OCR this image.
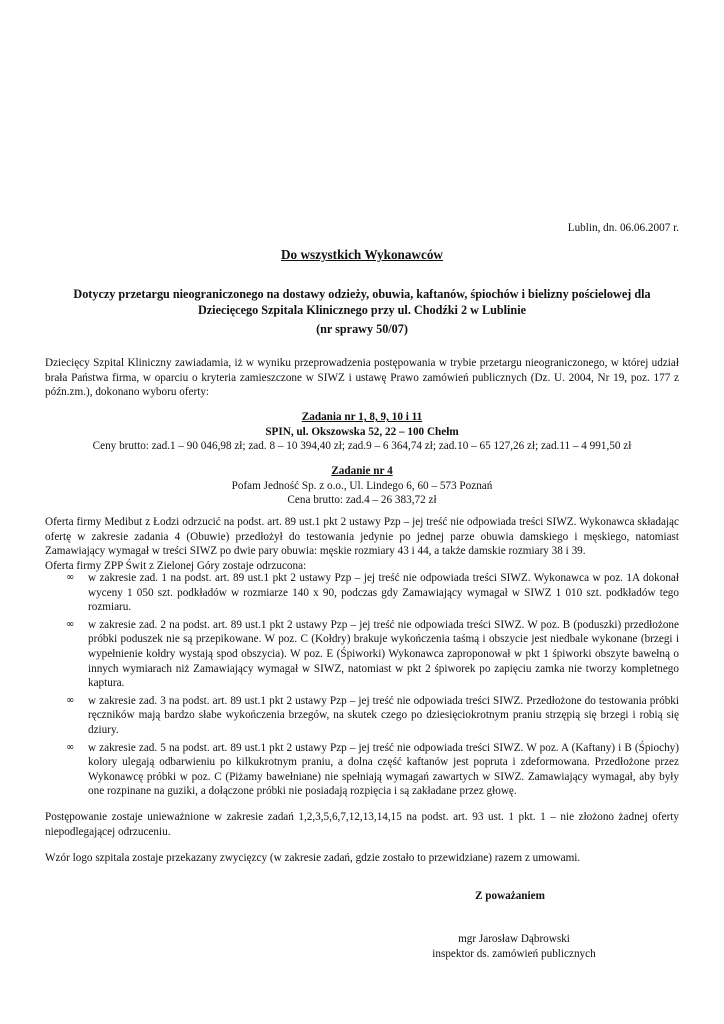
Lublin, dn. 06.06.2007 r.
Do wszystkich Wykonawców
Dotyczy przetargu nieograniczonego na dostawy odzieży, obuwia, kaftanów, śpiochów i bielizny pościelowej dla Dziecięcego Szpitala Klinicznego przy ul. Chodźki 2 w Lublinie
(nr sprawy 50/07)

Dziecięcy Szpital Kliniczny zawiadamia, iż w wyniku przeprowadzenia postępowania w trybie przetargu nieograniczonego, w której udział brała Państwa firma, w oparciu o kryteria zamieszczone w SIWZ i ustawę Prawo zamówień publicznych (Dz. U. 2004, Nr 19, poz. 177 z późn.zm.), dokonano wyboru oferty:

Zadania nr 1, 8, 9, 10 i 11
SPIN, ul. Okszowska 52, 22 – 100 Chełm
Ceny brutto: zad.1 – 90 046,98 zł; zad. 8 – 10 394,40 zł; zad.9 – 6 364,74 zł; zad.10 – 65 127,26 zł; zad.11 – 4 991,50 zł
Zadanie nr 4
Pofam Jedność Sp. z o.o., Ul. Lindego 6, 60 – 573 Poznań
Cena brutto: zad.4 – 26 383,72 zł

Oferta firmy Medibut z Łodzi odrzucić na podst. art. 89 ust.1 pkt 2 ustawy Pzp – jej treść nie odpowiada treści SIWZ. Wykonawca składając ofertę w zakresie zadania 4 (Obuwie) przedłożył do testowania jedynie po jednej parze obuwia damskiego i męskiego, natomiast Zamawiający wymagał w treści SIWZ po dwie pary obuwia: męskie rozmiary 43 i 44, a także damskie rozmiary 38 i 39.

Oferta firmy ZPP Świt z Zielonej Góry zostaje odrzucona:

∞ w zakresie zad. 1 na podst. art. 89 ust.1 pkt 2 ustawy Pzp – jej treść nie odpowiada treści SIWZ. Wykonawca w poz. 1A dokonał wyceny 1 050 szt. podkładów w rozmiarze 140 x 90, podczas gdy Zamawiający wymagał w SIWZ 1 010 szt. podkładów tego rozmiaru.
∞ w zakresie zad. 2 na podst. art. 89 ust.1 pkt 2 ustawy Pzp – jej treść nie odpowiada treści SIWZ. W poz. B (poduszki) przedłożone próbki poduszek nie są przepikowane. W poz. C (Kołdry) brakuje wykończenia taśmą i obszycie jest niedbale wykonane (brzegi i wypełnienie kołdry wystają spod obszycia). W poz. E (Śpiworki) Wykonawca zaproponował w pkt 1 śpiworki obszyte bawełną o innych wymiarach niż Zamawiający wymagał w SIWZ, natomiast w pkt 2 śpiworek po zapięciu zamka nie tworzy kompletnego kaptura.
∞ w zakresie zad. 3 na podst. art. 89 ust.1 pkt 2 ustawy Pzp – jej treść nie odpowiada treści SIWZ. Przedłożone do testowania próbki ręczników mają bardzo słabe wykończenia brzegów, na skutek czego po dziesięciokrotnym praniu strzępią się brzegi i robią się dziury.
∞ w zakresie zad. 5 na podst. art. 89 ust.1 pkt 2 ustawy Pzp – jej treść nie odpowiada treści SIWZ. W poz. A (Kaftany) i B (Śpiochy) kolory ulegają odbarwieniu po kilkukrotnym praniu, a dolna część kaftanów jest popruta i zdeformowana. Przedłożone przez Wykonawcę próbki w poz. C (Piżamy bawełniane) nie spełniają wymagań zawartych w SIWZ. Zamawiający wymagał, aby były one rozpinane na guziki, a dołączone próbki nie posiadają rozpięcia i są zakładane przez głowę.

Postępowanie zostaje unieważnione w zakresie zadań 1,2,3,5,6,7,12,13,14,15 na podst. art. 93 ust. 1 pkt. 1 – nie złożono żadnej oferty niepodlegającej odrzuceniu.

Wzór logo szpitala zostaje przekazany zwycięzcy (w zakresie zadań, gdzie zostało to przewidziane) razem z umowami.

Z poważaniem
mgr Jarosław Dąbrowski
inspektor ds. zamówień publicznych
